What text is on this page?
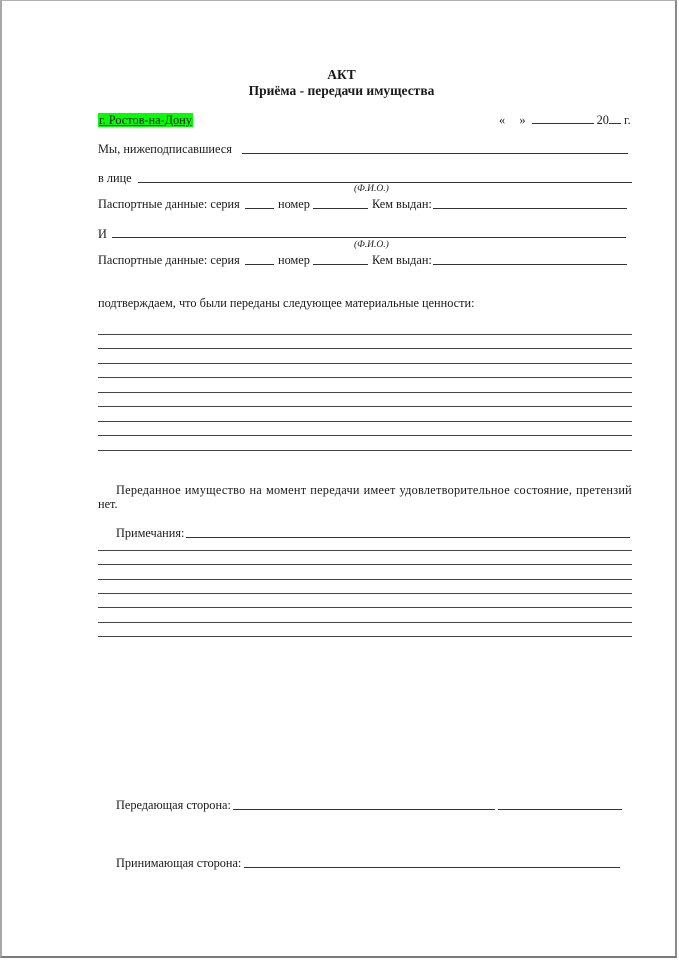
АКТ
Приёма - передачи имущества
г. Ростов-на-Дону	« »	20 г.
Мы, нижеподписавшиеся
в лице
(Ф.И.О.)
Паспортные данные: серия	номер	Кем выдан:
И
(Ф.И.О.)
Паспортные данные: серия	номер	Кем выдан:
подтверждаем, что были переданы следующее материальные ценности:
Переданное имущество на момент передачи имеет удовлетворительное состояние, претензий
нет.
Примечания:
Передающая сторона:
Принимающая сторона:
